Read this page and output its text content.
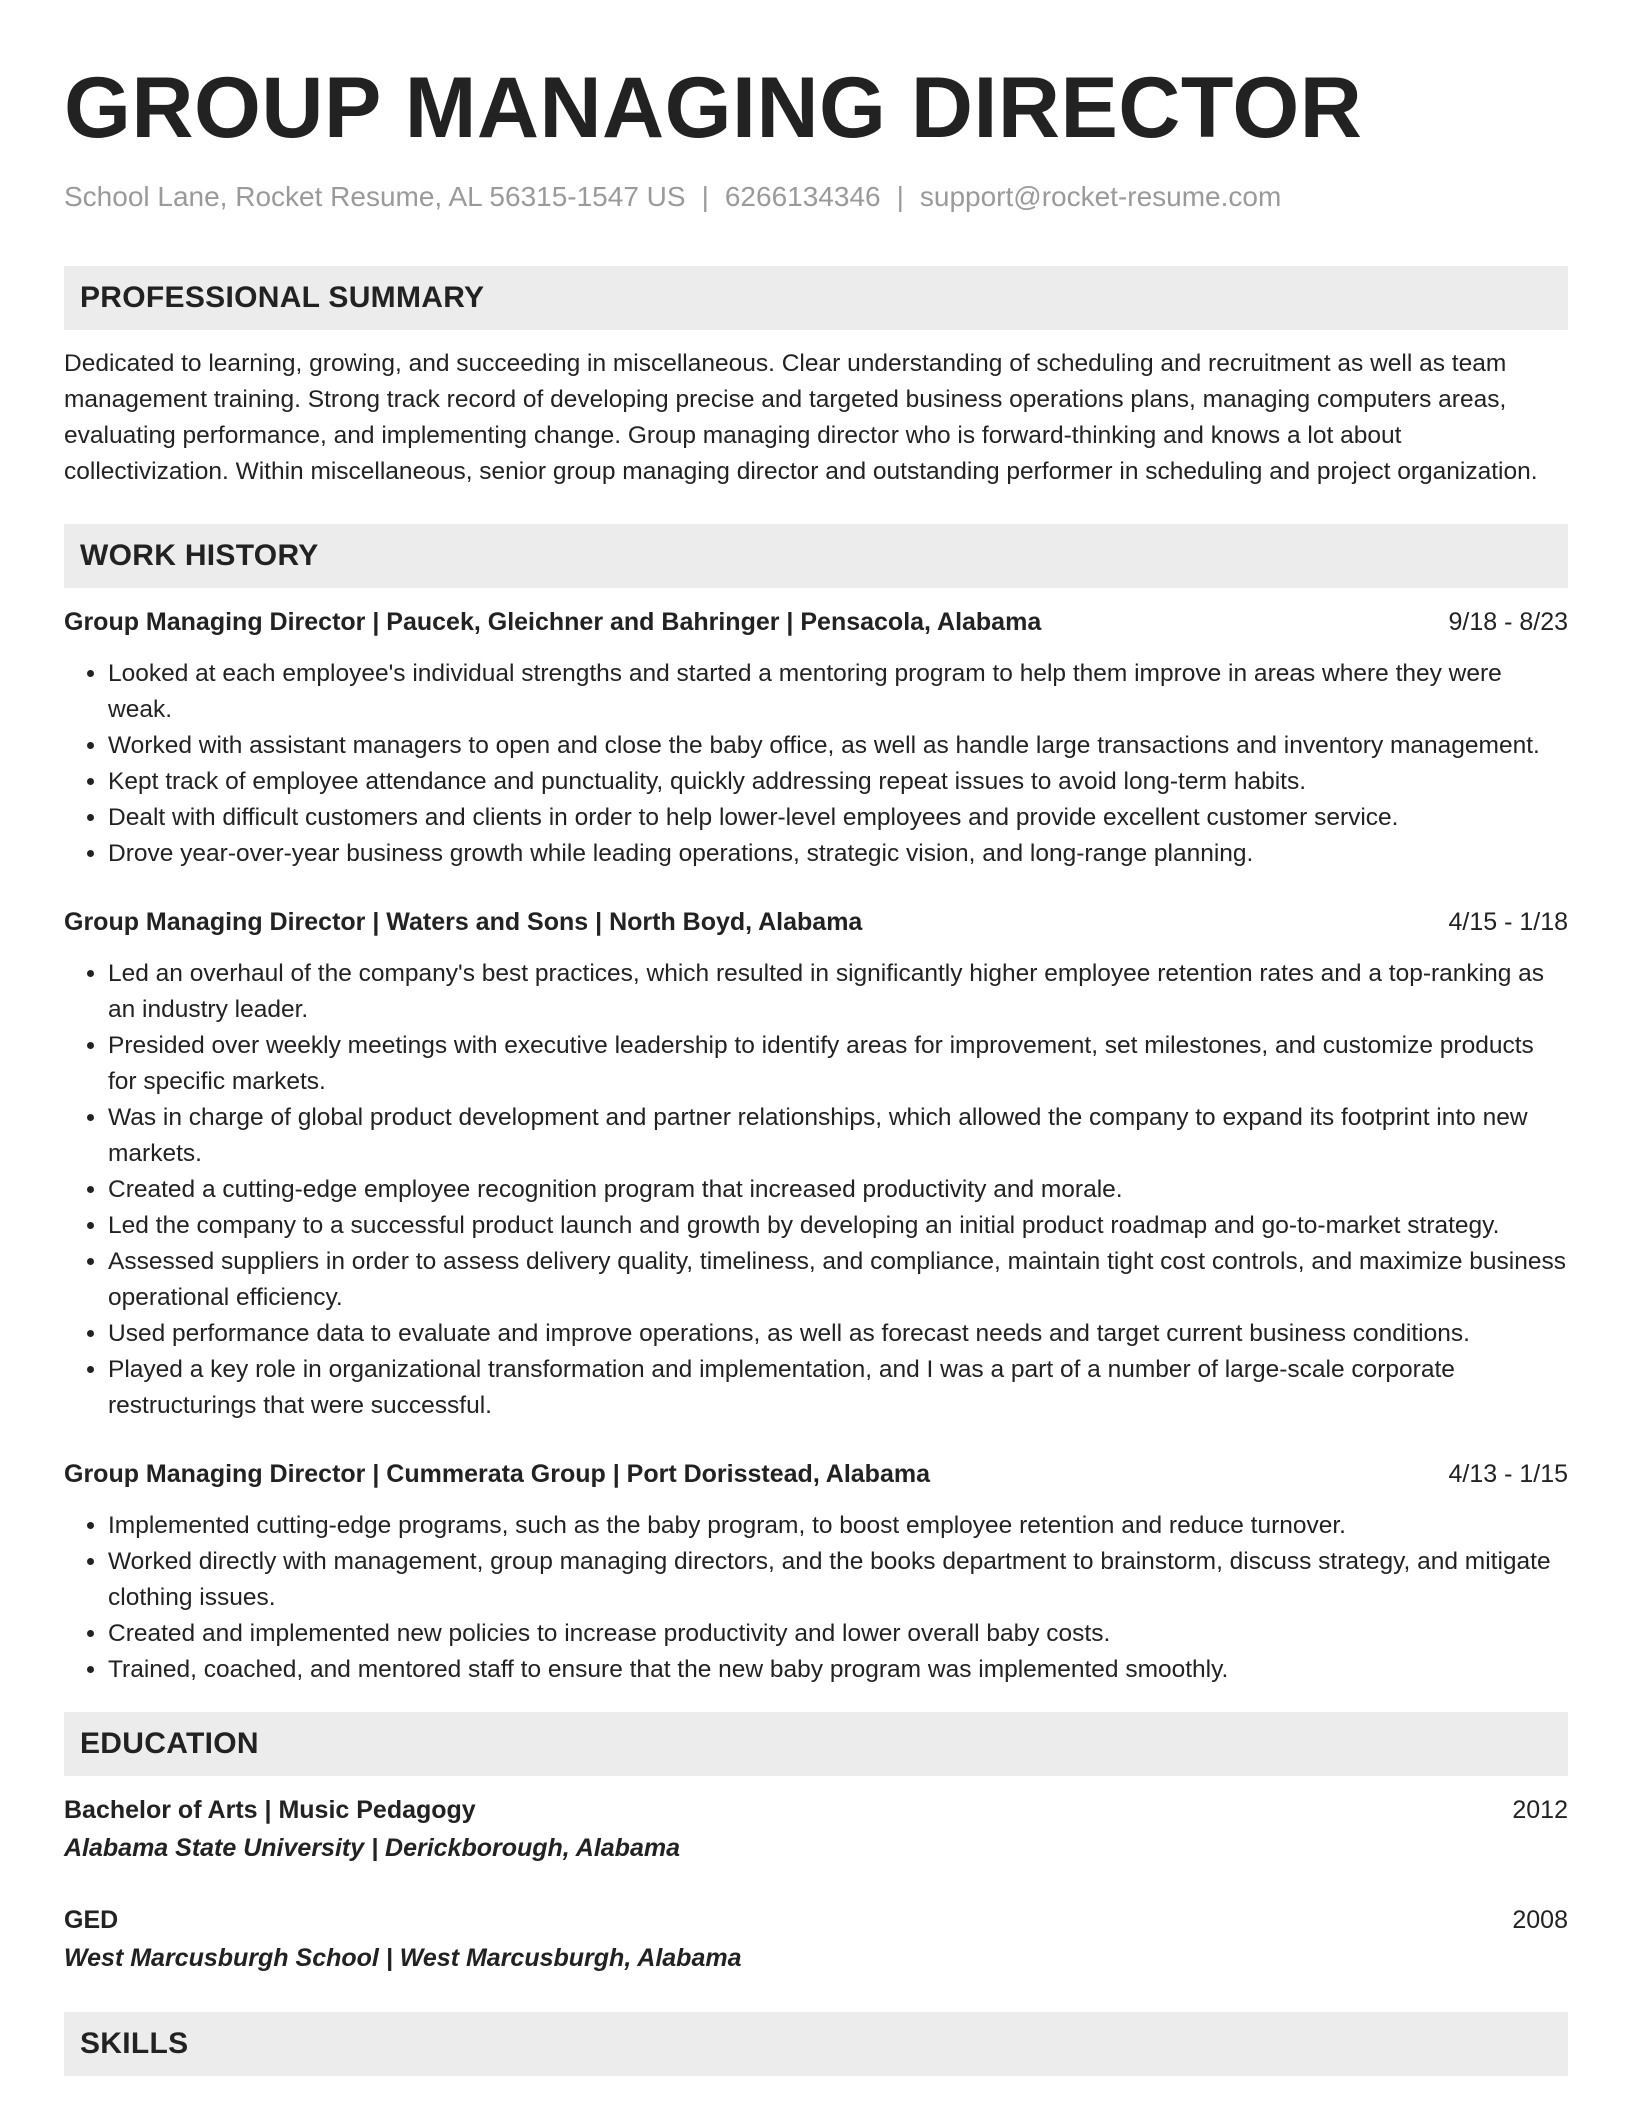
GROUP MANAGING DIRECTOR
School Lane, Rocket Resume, AL 56315-1547 US | 6266134346 | support@rocket-resume.com
PROFESSIONAL SUMMARY

Dedicated to learning, growing, and succeeding in miscellaneous. Clear understanding of scheduling and recruitment as well as team management training. Strong track record of developing precise and targeted business operations plans, managing computers areas, evaluating performance, and implementing change. Group managing director who is forward-thinking and knows a lot about collectivization. Within miscellaneous, senior group managing director and outstanding performer in scheduling and project organization.

WORK HISTORY
Group Managing Director | Paucek, Gleichner and Bahringer | Pensacola, Alabama	9/18 - 8/23
• Looked at each employee's individual strengths and started a mentoring program to help them improve in areas where they were weak.
• Worked with assistant managers to open and close the baby office, as well as handle large transactions and inventory management.
• Kept track of employee attendance and punctuality, quickly addressing repeat issues to avoid long-term habits.
• Dealt with difficult customers and clients in order to help lower-level employees and provide excellent customer service.
• Drove year-over-year business growth while leading operations, strategic vision, and long-range planning.
Group Managing Director | Waters and Sons | North Boyd, Alabama	4/15 - 1/18
• Led an overhaul of the company's best practices, which resulted in significantly higher employee retention rates and a top-ranking as an industry leader.
• Presided over weekly meetings with executive leadership to identify areas for improvement, set milestones, and customize products for specific markets.
• Was in charge of global product development and partner relationships, which allowed the company to expand its footprint into new markets.
• Created a cutting-edge employee recognition program that increased productivity and morale.
• Led the company to a successful product launch and growth by developing an initial product roadmap and go-to-market strategy.
• Assessed suppliers in order to assess delivery quality, timeliness, and compliance, maintain tight cost controls, and maximize business operational efficiency.
• Used performance data to evaluate and improve operations, as well as forecast needs and target current business conditions.
• Played a key role in organizational transformation and implementation, and I was a part of a number of large-scale corporate restructurings that were successful.
Group Managing Director | Cummerata Group | Port Dorisstead, Alabama	4/13 - 1/15
• Implemented cutting-edge programs, such as the baby program, to boost employee retention and reduce turnover.
• Worked directly with management, group managing directors, and the books department to brainstorm, discuss strategy, and mitigate clothing issues.
• Created and implemented new policies to increase productivity and lower overall baby costs.
• Trained, coached, and mentored staff to ensure that the new baby program was implemented smoothly.
EDUCATION
Bachelor of Arts | Music Pedagogy	2012
Alabama State University | Derickborough, Alabama
GED	2008
West Marcusburgh School | West Marcusburgh, Alabama
SKILLS
